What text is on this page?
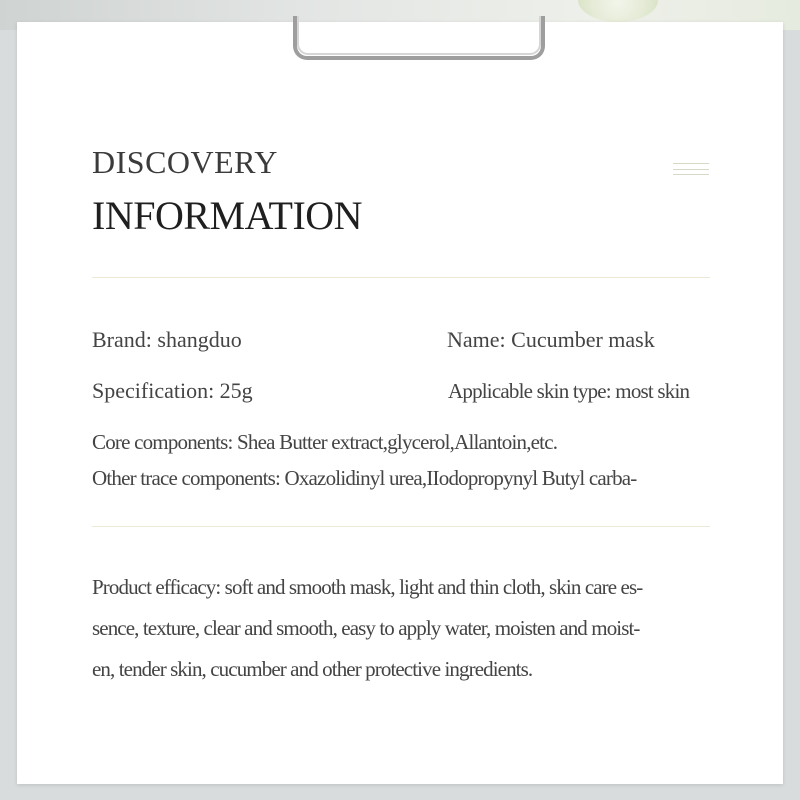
DISCOVERY
INFORMATION
Brand: shangduo	Name: Cucumber mask
Specification: 25g	Applicable skin type: most skin
Core components: Shea Butter extract,glycerol,Allantoin,etc.
Other trace components: Oxazolidinyl urea,IIodopropynyl Butyl carba-
Product efficacy: soft and smooth mask, light and thin cloth, skin care es-
sence, texture, clear and smooth, easy to apply water, moisten and moist-
en, tender skin, cucumber and other protective ingredients.
